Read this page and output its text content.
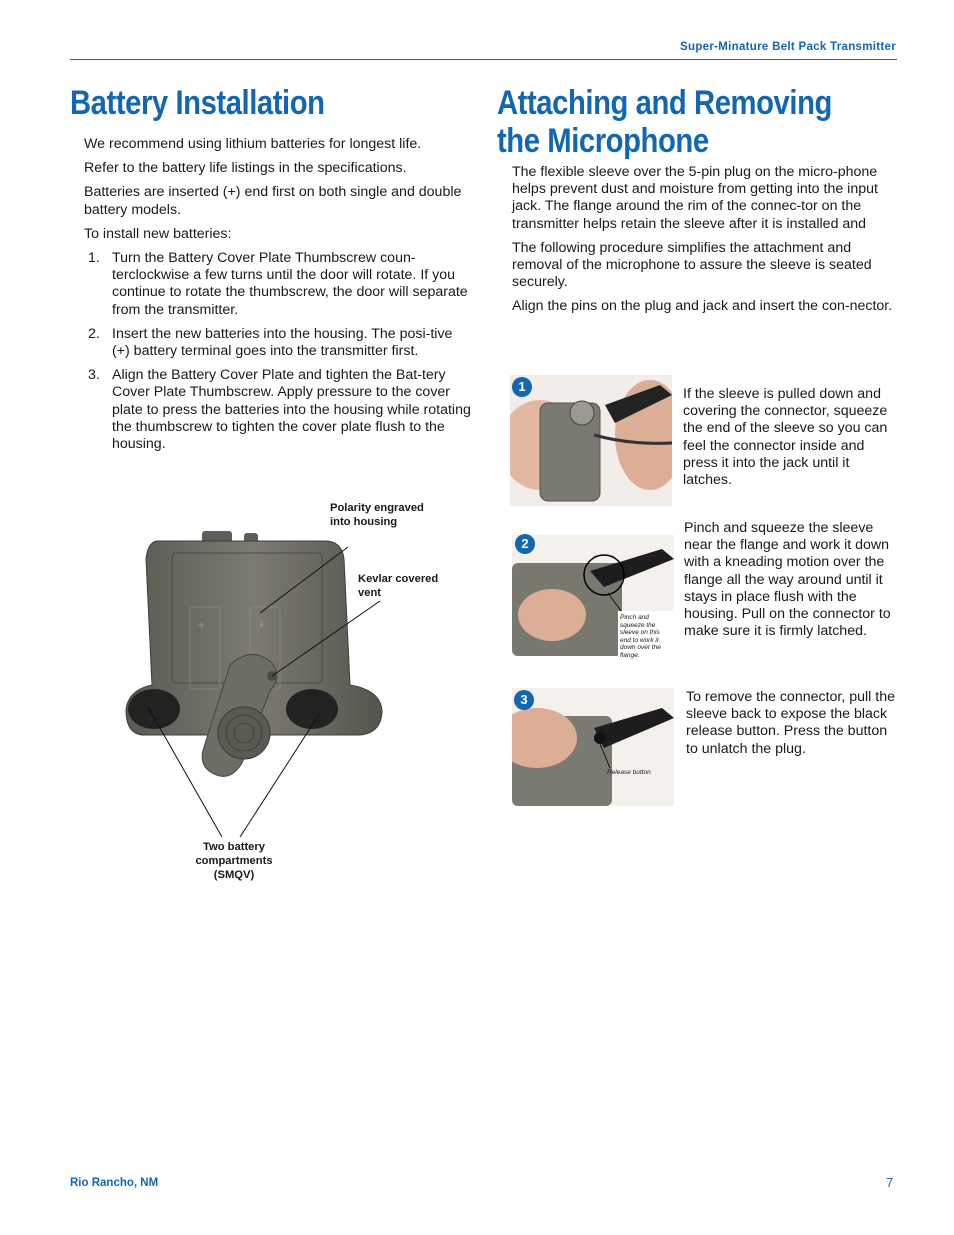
Super-Minature Belt Pack Transmitter
Battery Installation

We recommend using lithium batteries for longest life.

Refer to the battery life listings in the specifications.

Batteries are inserted (+) end first on both single and double battery models.

To install new batteries:

1. Turn the Battery Cover Plate Thumbscrew coun-terclockwise a few turns until the door will rotate. If you continue to rotate the thumbscrew, the door will separate from the transmitter.
2. Insert the new batteries into the housing. The posi-tive (+) battery terminal goes into the transmitter first.
3. Align the Battery Cover Plate and tighten the Bat-tery Cover Plate Thumbscrew. Apply pressure to the cover plate to press the batteries into the housing while rotating the thumbscrew to tighten the cover plate flush to the housing.
+	+
Polarity engraved into housing
Kevlar covered vent
Two battery compartments (SMQV)
Attaching and Removing the Microphone

The flexible sleeve over the 5-pin plug on the micro-phone helps prevent dust and moisture from getting into the input jack. The flange around the rim of the connec-tor on the transmitter helps retain the sleeve after it is installed and

The following procedure simplifies the attachment and removal of the microphone to assure the sleeve is seated securely.

Align the pins on the plug and jack and insert the con-nector.

1	If the sleeve is pulled down and covering the connector, squeeze the end of the sleeve so you can feel the connector inside and press it into the jack until it latches.
2
Pinch and squeeze the sleeve on this end to work it down over the flange.
Pinch and squeeze the sleeve near the flange and work it down with a kneading motion over the flange all the way around until it stays in place flush with the housing. Pull on the connector to make sure it is firmly latched.
3
Release button
To remove the connector, pull the sleeve back to expose the black release button. Press the button to unlatch the plug.
Rio Rancho, NM	7
